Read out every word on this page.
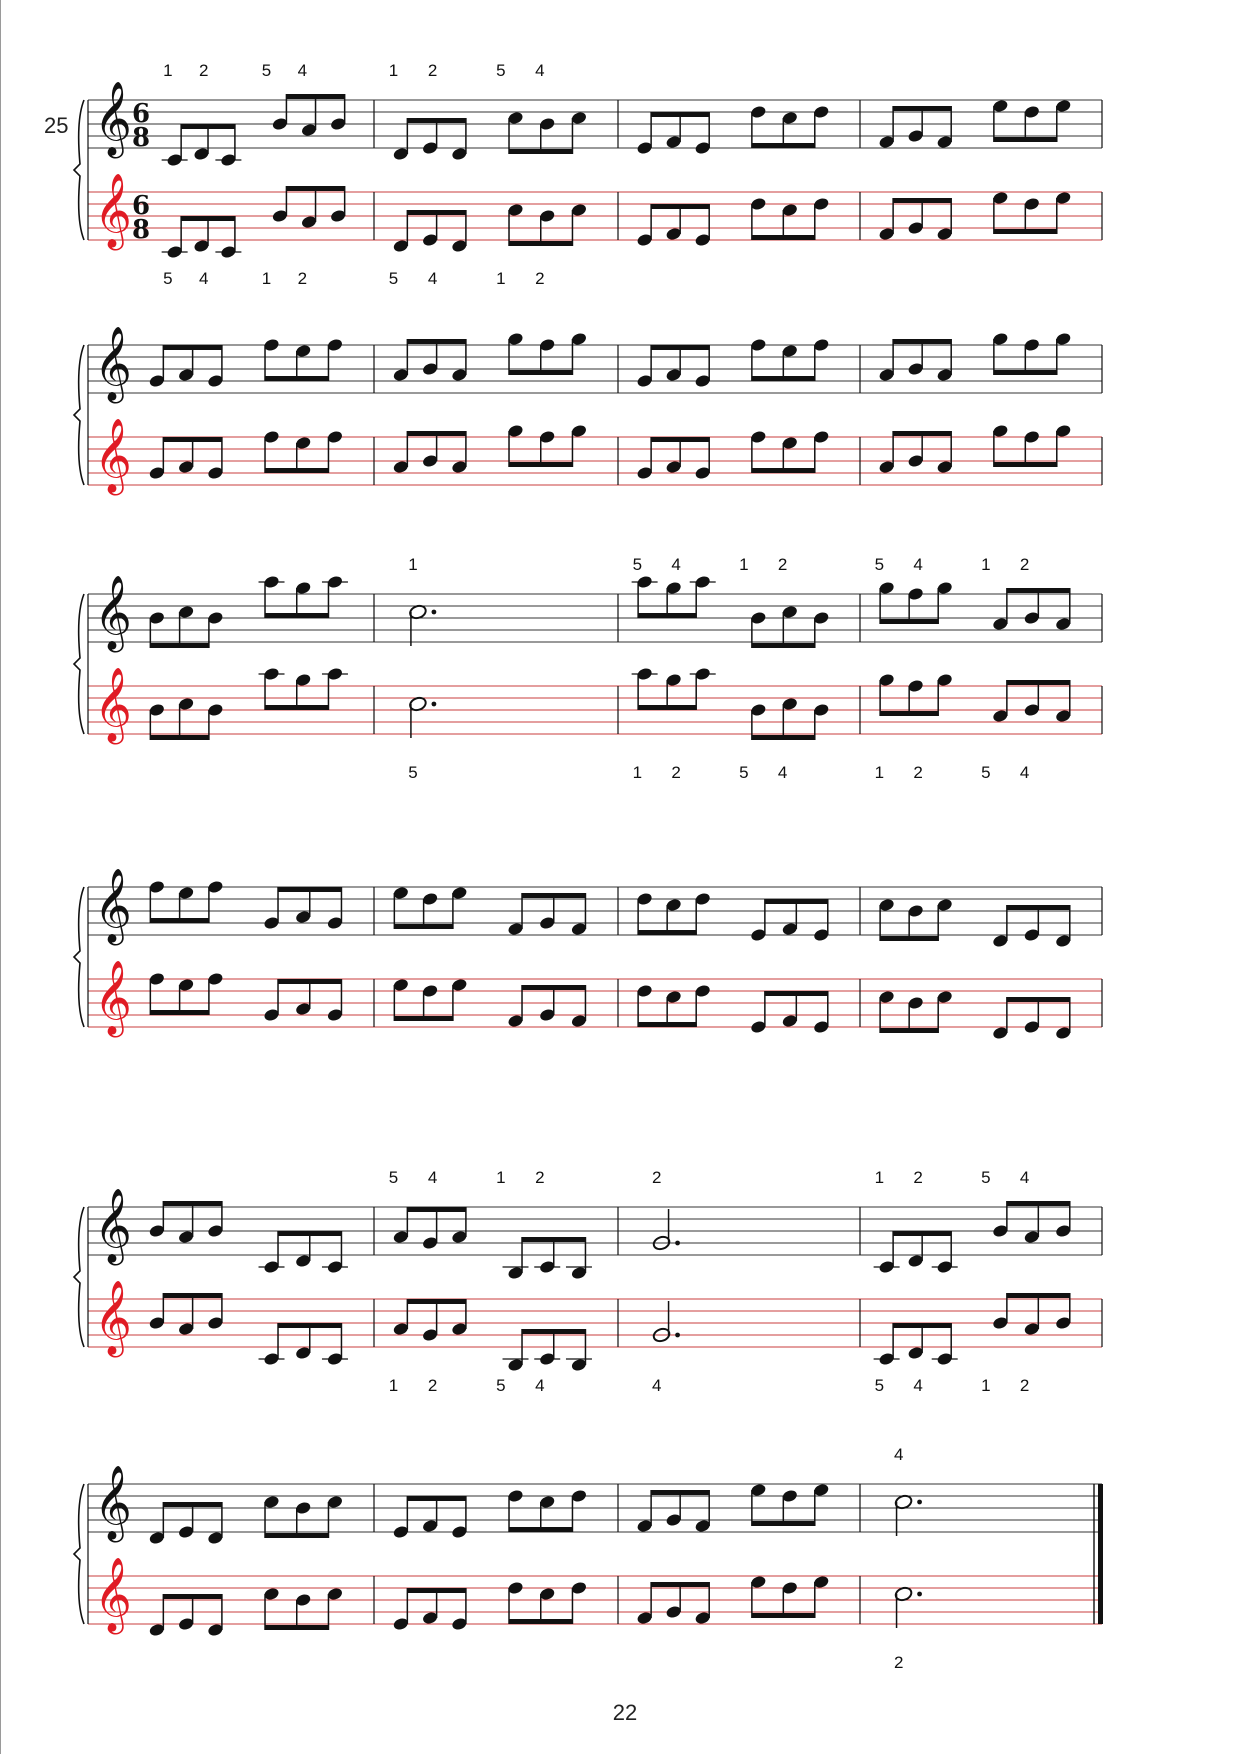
25 𝄞
𝄞
6
8
6
8
1 2	5 4
5 4	1 2
1 2	5 4
5 4	1 2
𝄞
𝄞
𝄞
𝄞
1
5
5 4	1 2
1 2	5 4
5 4	1 2
1 2	5 4
𝄞
𝄞
𝄞
𝄞
5 4	1 2
1 2	5 4
2
4
1 2	5 4
5 4	1 2
𝄞
𝄞
4
2
22
